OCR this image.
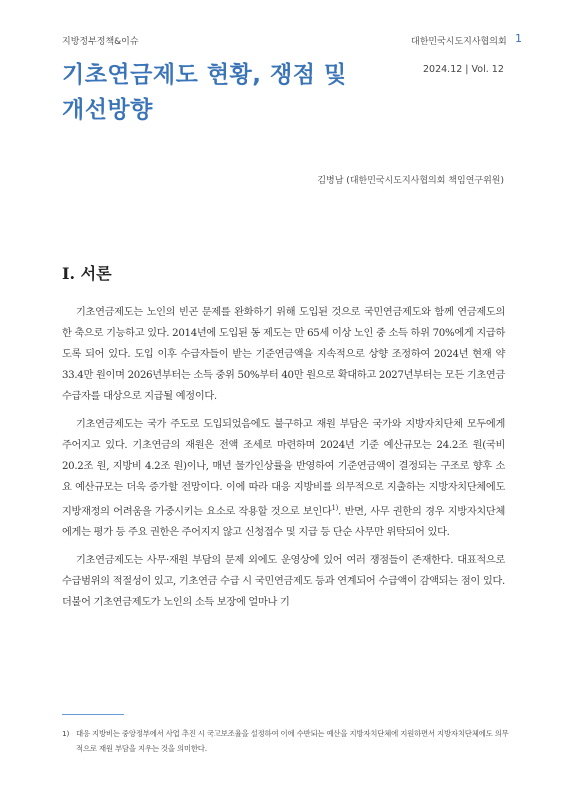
지방정부정책&이슈	대한민국시도지사협의회 1
기초연금제도 현황, 쟁점 및
개선방향
2024.12 | Vol. 12
김병남 (대한민국시도지사협의회 책임연구위원)
Ⅰ. 서론

기초연금제도는 노인의 빈곤 문제를 완화하기 위해 도입된 것으로 국민연금제도와 함께 연금제도의 한 축으로 기능하고 있다. 2014년에 도입된 동 제도는 만 65세 이상 노인 중 소득 하위 70%에게 지급하도록 되어 있다. 도입 이후 수급자들이 받는 기준연금액을 지속적으로 상향 조정하여 2024년 현재 약 33.4만 원이며 2026년부터는 소득 중위 50%부터 40만 원으로 확대하고 2027년부터는 모든 기초연금 수급자를 대상으로 지급될 예정이다.

기초연금제도는 국가 주도로 도입되었음에도 불구하고 재원 부담은 국가와 지방자치단체 모두에게 주어지고 있다. 기초연금의 재원은 전액 조세로 마련하며 2024년 기준 예산규모는 24.2조 원(국비 20.2조 원, 지방비 4.2조 원)이나, 매년 물가인상률을 반영하여 기준연금액이 결정되는 구조로 향후 소요 예산규모는 더욱 증가할 전망이다. 이에 따라 대응 지방비를 의무적으로 지출하는 지방자치단체에도 지방재정의 어려움을 가중시키는 요소로 작용할 것으로 보인다$^{1)}$. 반면, 사무 권한의 경우 지방자치단체에게는 평가 등 주요 권한은 주어지지 않고 신청접수 및 지급 등 단순 사무만 위탁되어 있다.

기초연금제도는 사무·재원 부담의 문제 외에도 운영상에 있어 여러 쟁점들이 존재한다. 대표적으로 수급범위의 적절성이 있고, 기초연금 수급 시 국민연금제도 등과 연계되어 수급액이 감액되는 점이 있다. 더불어 기초연금제도가 노인의 소득 보장에 얼마나 기

1) 대응 지방비는 중앙정부에서 사업 추진 시 국고보조율을 설정하여 이에 수반되는 예산을 지방자치단체에 지원하면서 지방자치단체에도 의무적으로 재원 부담을 지우는 것을 의미한다.
